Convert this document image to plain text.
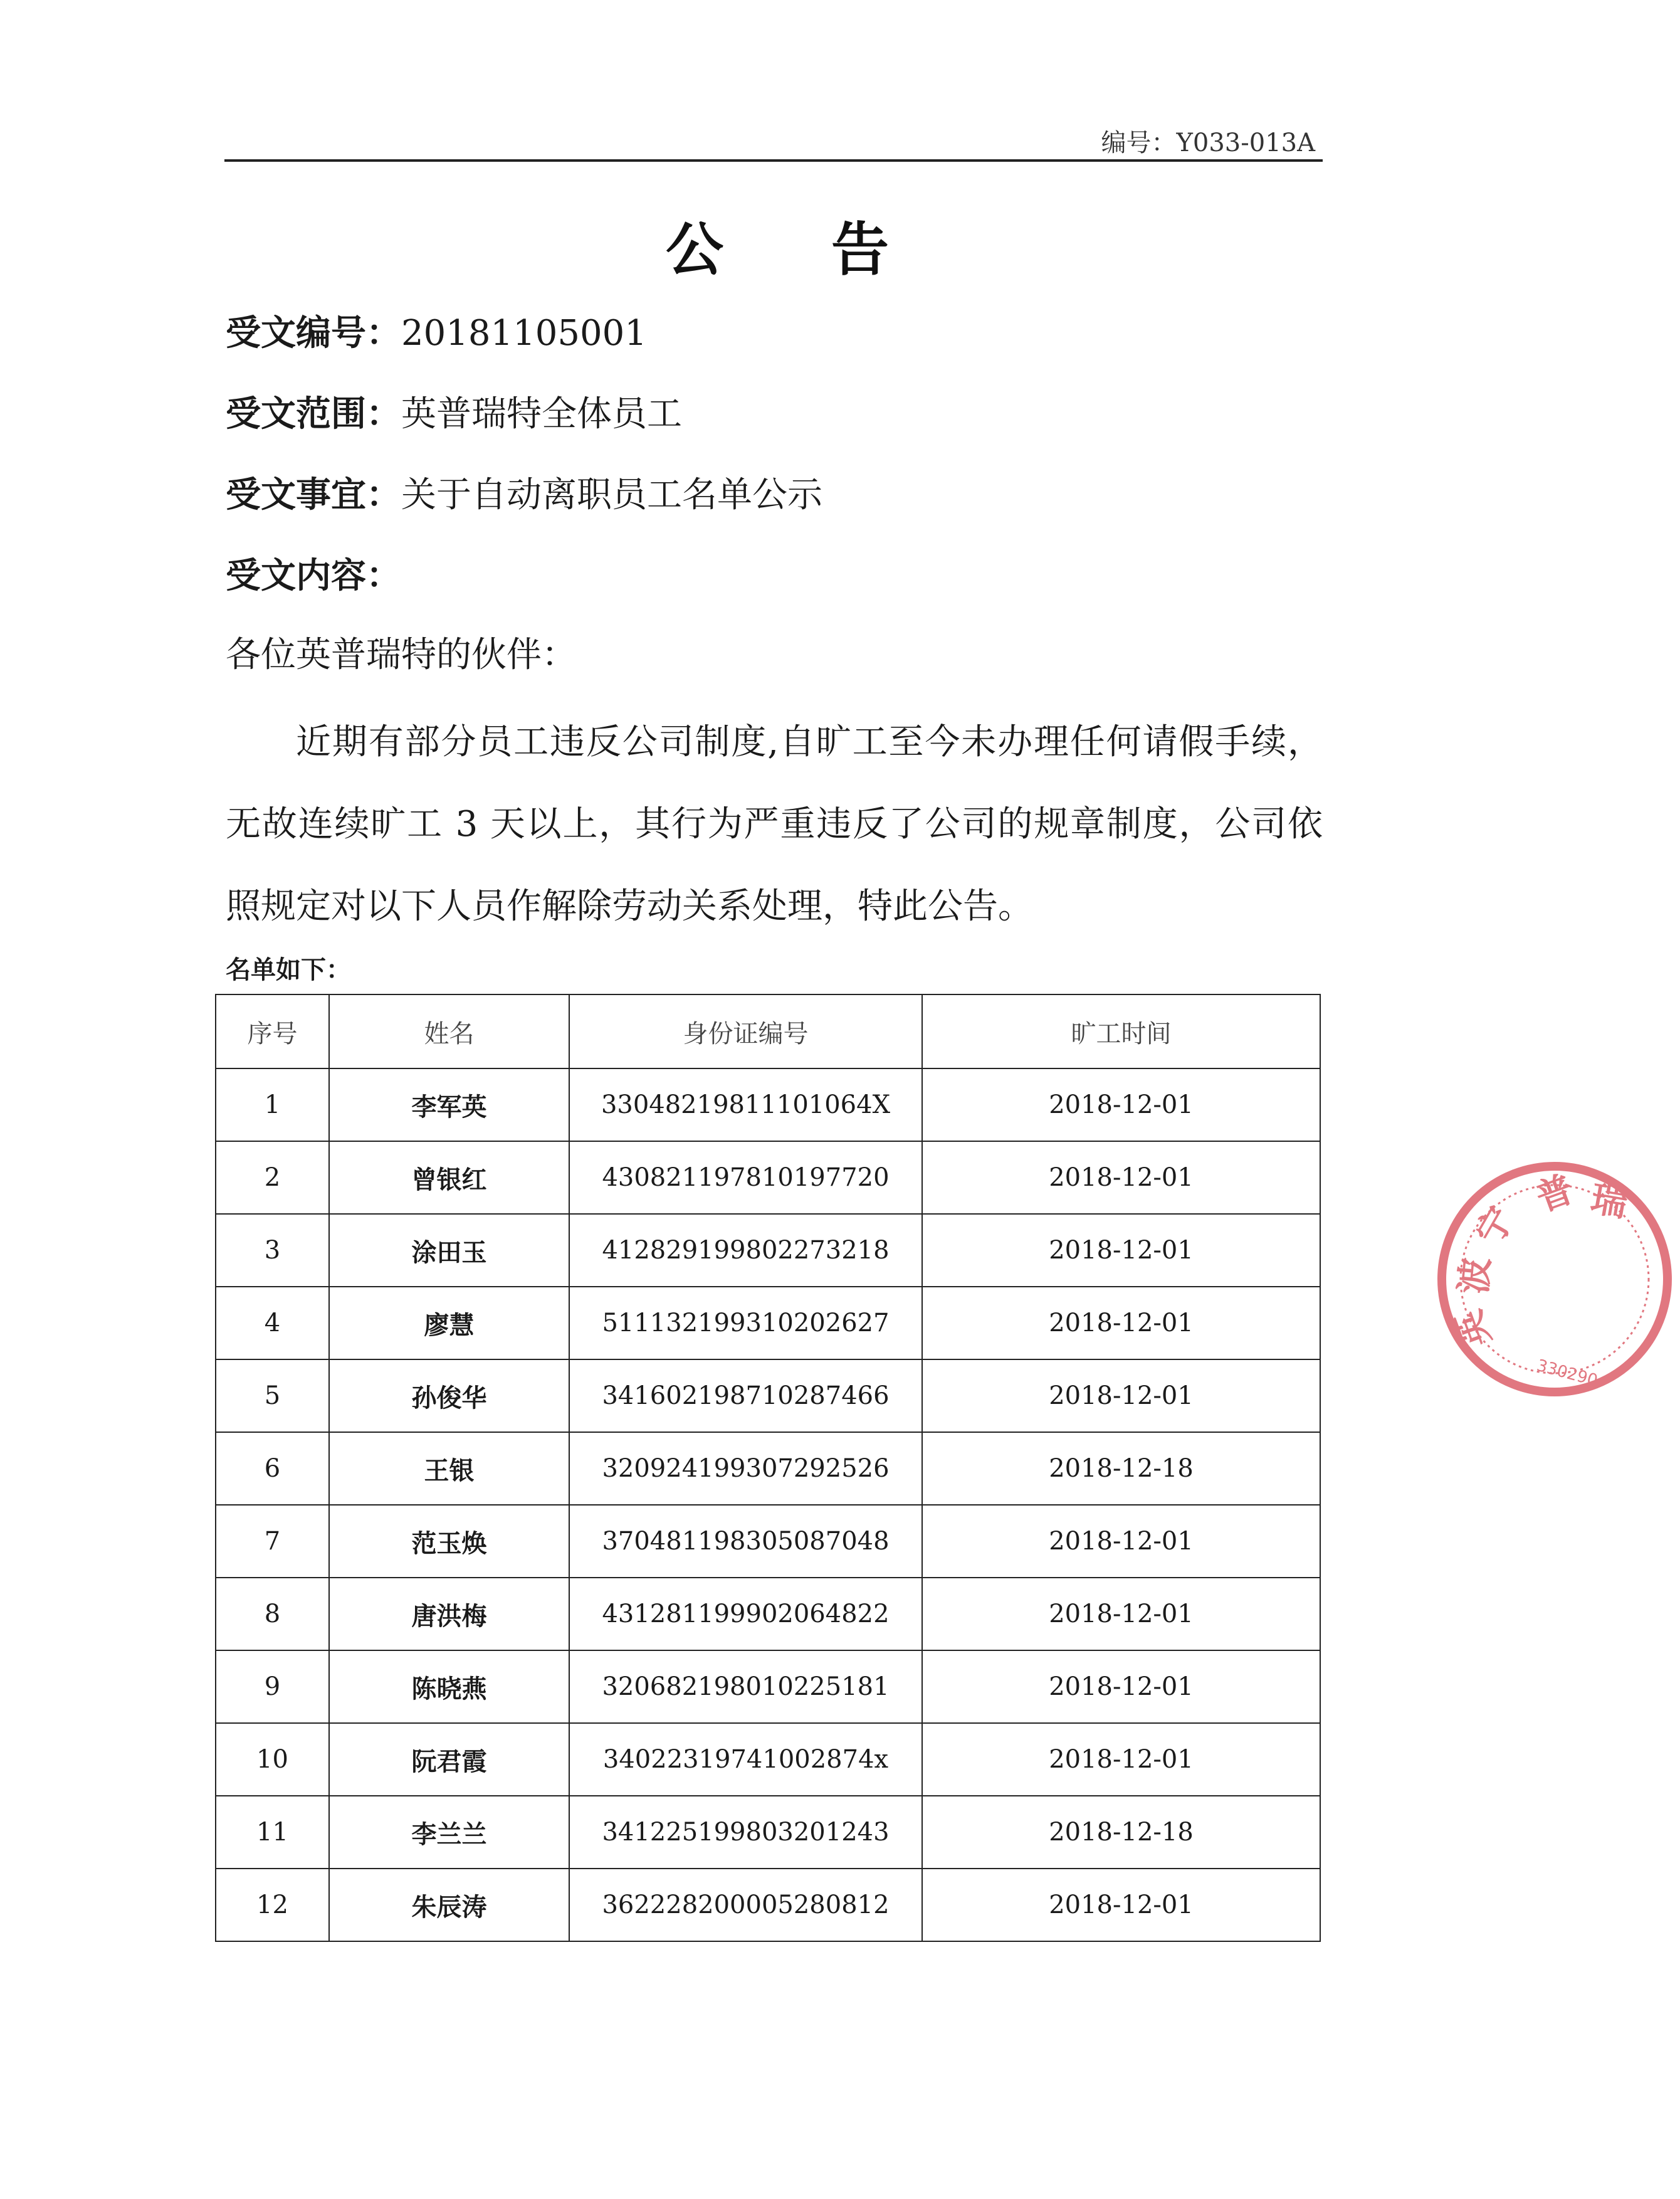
编号：Y033-013A
公 告
受文编号：20181105001
受文范围：英普瑞特全体员工
受文事宜：关于自动离职员工名单公示
受文内容：
各位英普瑞特的伙伴：
近期有部分员工违反公司制度,自旷工至今未办理任何请假手续，无故连续旷工 3 天以上，其行为严重违反了公司的规章制度，公司依照规定对以下人员作解除劳动关系处理，特此公告。
名单如下：
序号	姓名	身份证编号	旷工时间
1	李军英	33048219811101064X	2018-12-01
2	曾银红	430821197810197720	2018-12-01
3	涂田玉	412829199802273218	2018-12-01
4	廖慧	511132199310202627	2018-12-01
5	孙俊华	341602198710287466	2018-12-01
6	王银	320924199307292526	2018-12-18
7	范玉焕	370481198305087048	2018-12-01
8	唐洪梅	431281199902064822	2018-12-01
9	陈晓燕	320682198010225181	2018-12-01
10	阮君霞	34022319741002874x	2018-12-01
11	李兰兰	341225199803201243	2018-12-18
12	朱辰涛	362228200005280812	2018-12-01
宁
波
英
普 瑞
330290
